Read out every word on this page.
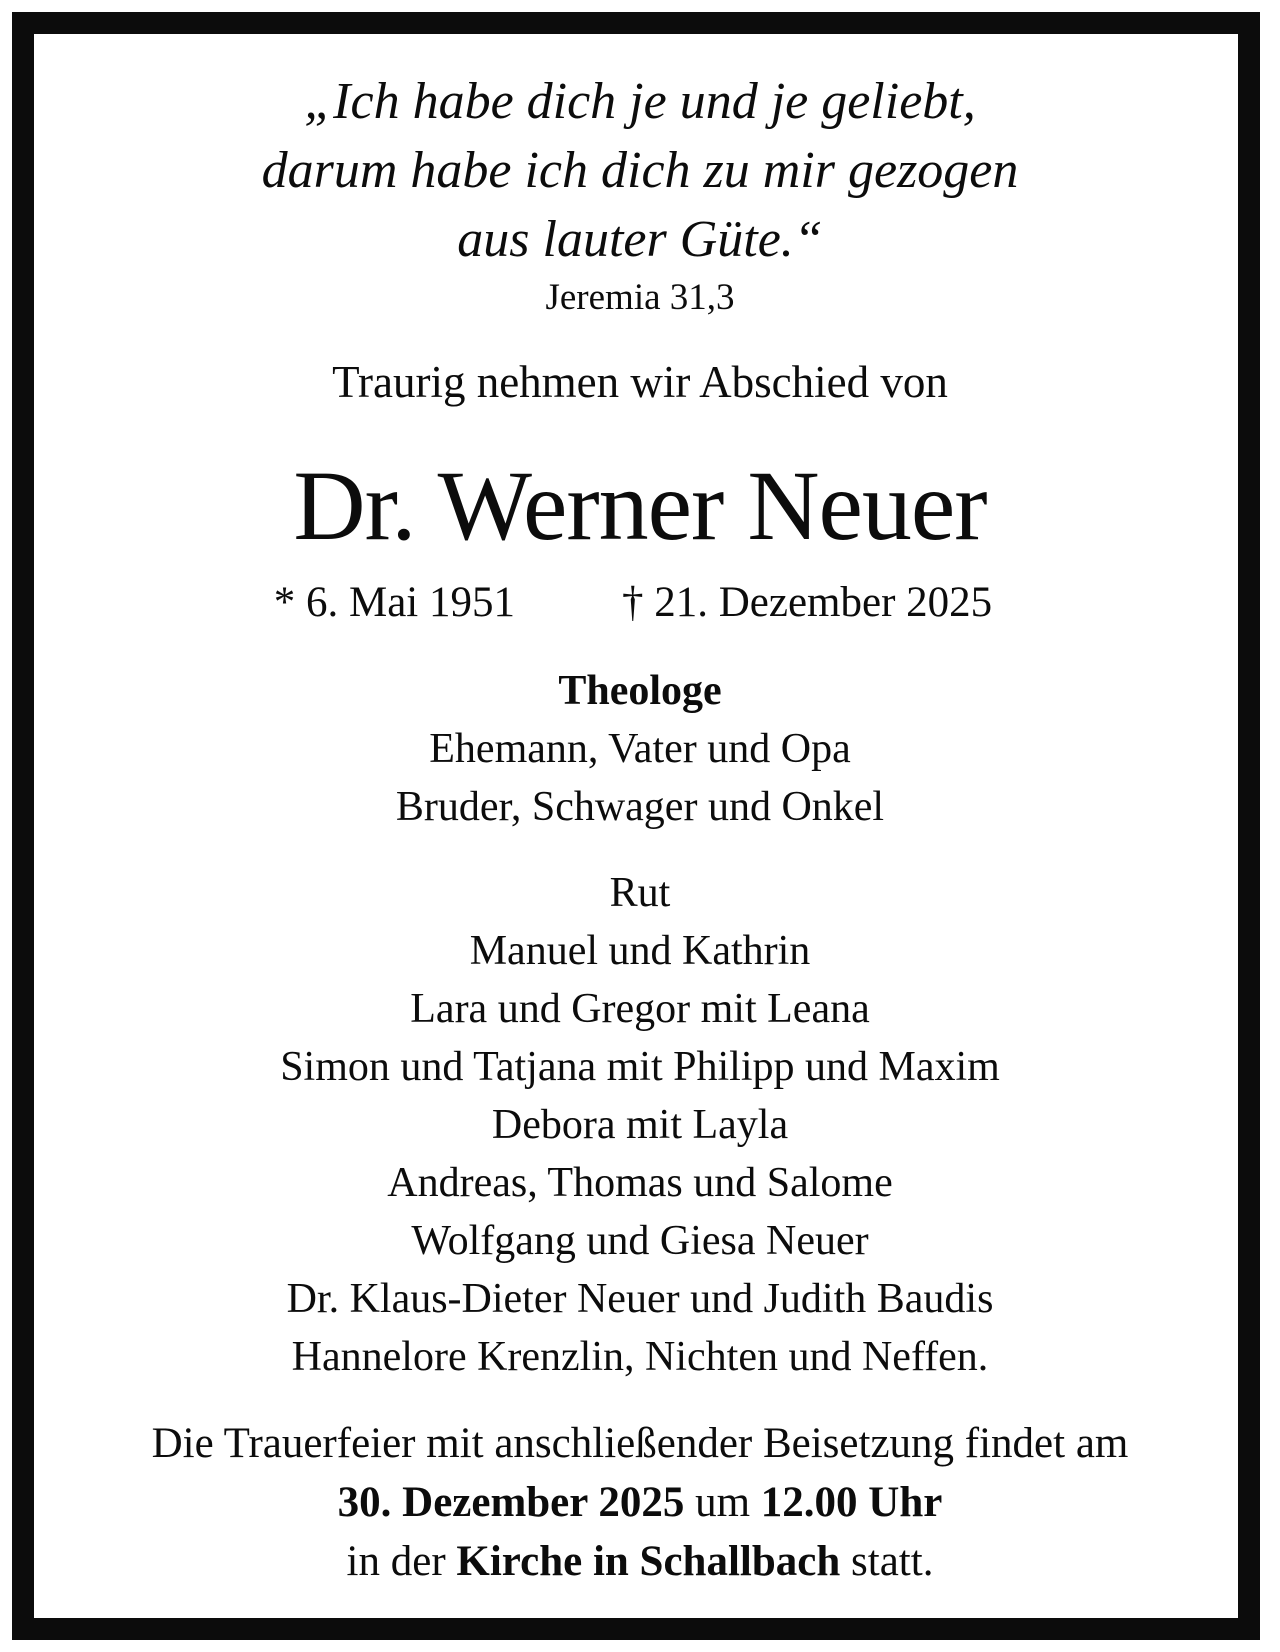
„Ich habe dich je und je geliebt,
darum habe ich dich zu mir gezogen
aus lauter Güte.“
Jeremia 31,3
Traurig nehmen wir Abschied von
Dr. Werner Neuer
* 6. Mai 1951 † 21. Dezember 2025
Theologe
Ehemann, Vater und Opa
Bruder, Schwager und Onkel
Rut
Manuel und Kathrin
Lara und Gregor mit Leana
Simon und Tatjana mit Philipp und Maxim
Debora mit Layla
Andreas, Thomas und Salome
Wolfgang und Giesa Neuer
Dr. Klaus-Dieter Neuer und Judith Baudis
Hannelore Krenzlin, Nichten und Neffen.
Die Trauerfeier mit anschließender Beisetzung findet am
30. Dezember 2025 um 12.00 Uhr
in der Kirche in Schallbach statt.
